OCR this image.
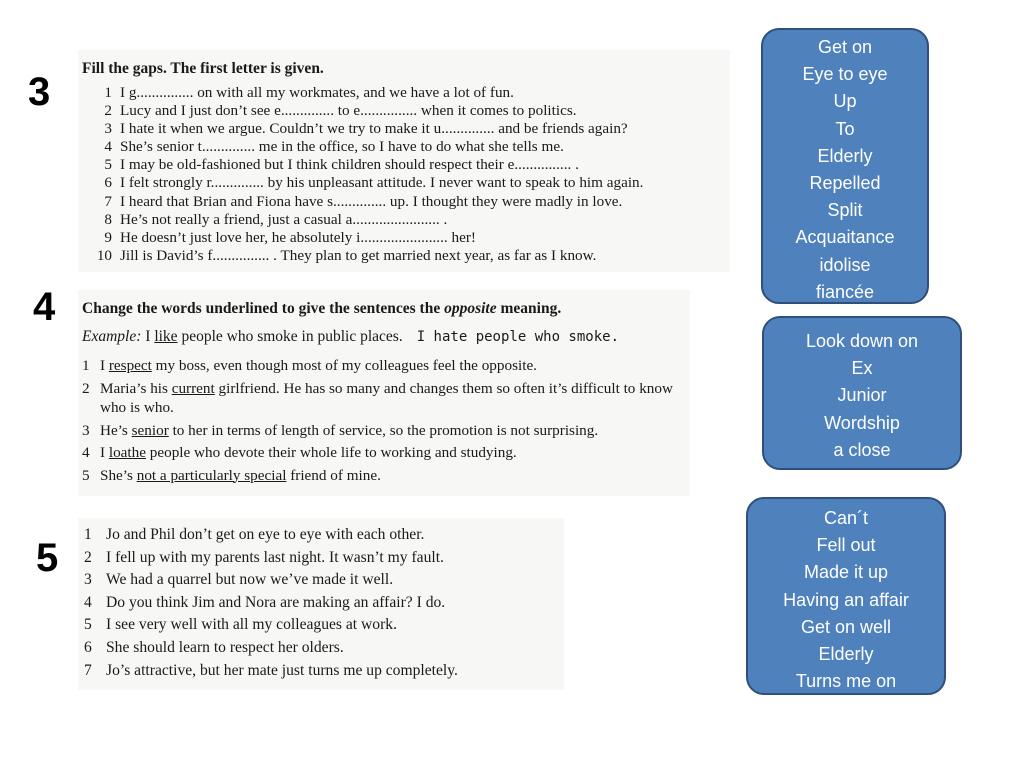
3
4
5
Fill the gaps. The first letter is given.
1 I g............... on with all my workmates, and we have a lot of fun.
2 Lucy and I just don’t see e.............. to e............... when it comes to politics.
3 I hate it when we argue. Couldn’t we try to make it u.............. and be friends again?
4 She’s senior t.............. me in the office, so I have to do what she tells me.
5 I may be old-fashioned but I think children should respect their e............... .
6 I felt strongly r.............. by his unpleasant attitude. I never want to speak to him again.
7 I heard that Brian and Fiona have s.............. up. I thought they were madly in love.
8 He’s not really a friend, just a casual a....................... .
9 He doesn’t just love her, he absolutely i....................... her!
10 Jill is David’s f............... . They plan to get married next year, as far as I know.
Change the words underlined to give the sentences the opposite meaning.
Example: I like people who smoke in public places. I hate people who smoke.
1 I respect my boss, even though most of my colleagues feel the opposite.
2 Maria’s his current girlfriend. He has so many and changes them so often it’s difficult to know who is who.
3 He’s senior to her in terms of length of service, so the promotion is not surprising.
4 I loathe people who devote their whole life to working and studying.
5 She’s not a particularly special friend of mine.
1 Jo and Phil don’t get on eye to eye with each other.
2 I fell up with my parents last night. It wasn’t my fault.
3 We had a quarrel but now we’ve made it well.
4 Do you think Jim and Nora are making an affair? I do.
5 I see very well with all my colleagues at work.
6 She should learn to respect her olders.
7 Jo’s attractive, but her mate just turns me up completely.
Get on
Eye to eye
Up
To
Elderly
Repelled
Split
Acquaitance
idolise
fiancée
Look down on
Ex
Junior
Wordship
a close
Can´t
Fell out
Made it up
Having an affair
Get on well
Elderly
Turns me on
